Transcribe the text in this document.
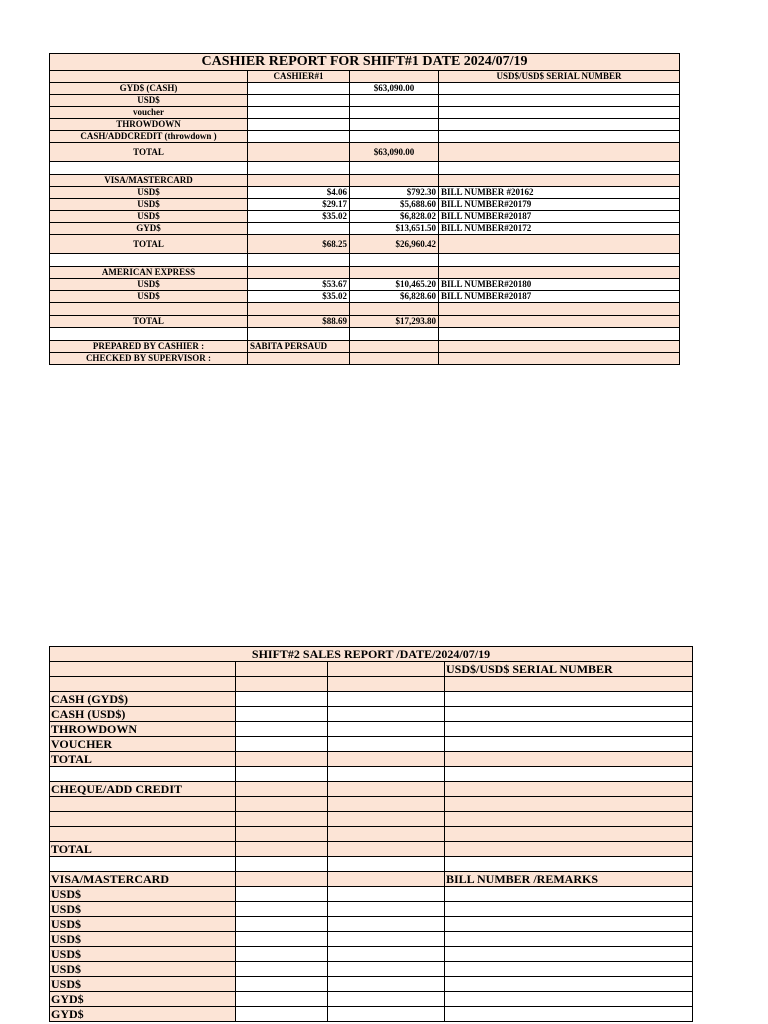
CASHIER REPORT FOR SHIFT#1 DATE 2024/07/19			
	CASHIER#1		USD$/USD$ SERIAL NUMBER
GYD$ (CASH)		$63,090.00	
USD$			
voucher			
THROWDOWN			
CASH/ADDCREDIT (throwdown )			
TOTAL		$63,090.00	

VISA/MASTERCARD			
USD$	$4.06	$792.30	BILL NUMBER #20162
USD$	$29.17	$5,688.60	BILL NUMBER#20179
USD$	$35.02	$6,828.02	BILL NUMBER#20187
GYD$		$13,651.50	BILL NUMBER#20172
TOTAL	$68.25	$26,960.42	

AMERICAN EXPRESS			
USD$	$53.67	$10,465.20	BILL NUMBER#20180
USD$	$35.02	$6,828.60	BILL NUMBER#20187

TOTAL	$88.69	$17,293.80	

PREPARED BY CASHIER :	SABITA PERSAUD		
CHECKED BY SUPERVISOR :			
SHIFT#2 SALES REPORT /DATE/2024/07/19			
			USD$/USD$ SERIAL NUMBER

CASH (GYD$)			
CASH (USD$)			
THROWDOWN			
VOUCHER			
TOTAL			

CHEQUE/ADD CREDIT			

TOTAL			

VISA/MASTERCARD			BILL NUMBER /REMARKS
USD$			
USD$			
USD$			
USD$			
USD$			
USD$			
USD$			
GYD$			
GYD$			
